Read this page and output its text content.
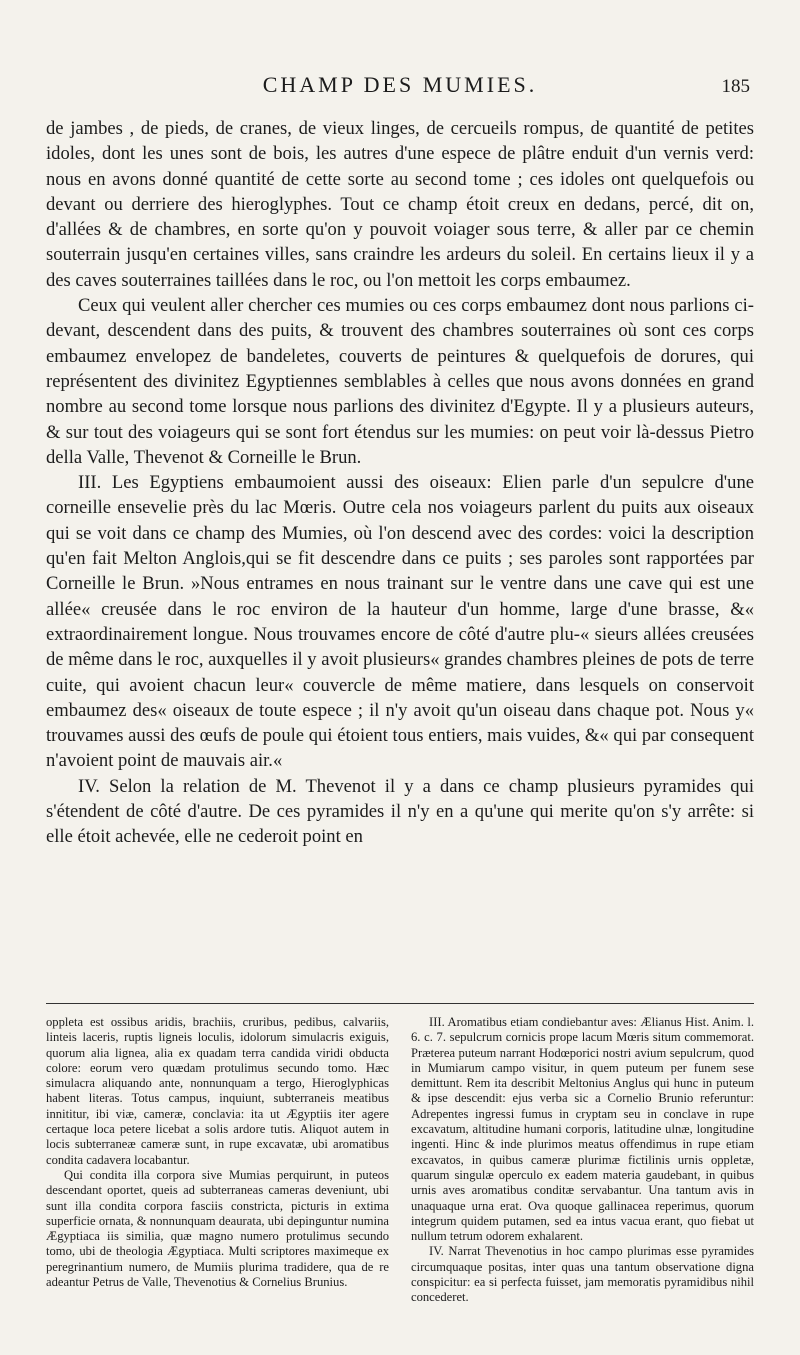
CHAMP DES MUMIES.	185

de jambes , de pieds, de cranes, de vieux linges, de cercueils rompus, de quantité de petites idoles, dont les unes sont de bois, les autres d'une espece de plâtre enduit d'un vernis verd: nous en avons donné quantité de cette sorte au second tome ; ces idoles ont quelquefois ou devant ou derriere des hieroglyphes. Tout ce champ étoit creux en dedans, percé, dit on, d'allées & de chambres, en sorte qu'on y pouvoit voiager sous terre, & aller par ce chemin souterrain jusqu'en certaines villes, sans craindre les ardeurs du soleil. En certains lieux il y a des caves souterraines taillées dans le roc, ou l'on mettoit les corps embaumez.

Ceux qui veulent aller chercher ces mumies ou ces corps embaumez dont nous parlions ci-devant, descendent dans des puits, & trouvent des chambres souterraines où sont ces corps embaumez envelopez de bandeletes, couverts de peintures & quelquefois de dorures, qui représentent des divinitez Egyptiennes semblables à celles que nous avons données en grand nombre au second tome lorsque nous parlions des divinitez d'Egypte. Il y a plusieurs auteurs, & sur tout des voiageurs qui se sont fort étendus sur les mumies: on peut voir là-dessus Pietro della Valle, Thevenot & Corneille le Brun.

III. Les Egyptiens embaumoient aussi des oiseaux: Elien parle d'un sepulcre d'une corneille ensevelie près du lac Mœris. Outre cela nos voiageurs parlent du puits aux oiseaux qui se voit dans ce champ des Mumies, où l'on descend avec des cordes: voici la description qu'en fait Melton Anglois,qui se fit descendre dans ce puits ; ses paroles sont rapportées par Corneille le Brun. »Nous entrames en nous trainant sur le ventre dans une cave qui est une allée« creusée dans le roc environ de la hauteur d'un homme, large d'une brasse, &« extraordinairement longue. Nous trouvames encore de côté d'autre plu-« sieurs allées creusées de même dans le roc, auxquelles il y avoit plusieurs« grandes chambres pleines de pots de terre cuite, qui avoient chacun leur« couvercle de même matiere, dans lesquels on conservoit embaumez des« oiseaux de toute espece ; il n'y avoit qu'un oiseau dans chaque pot. Nous y« trouvames aussi des œufs de poule qui étoient tous entiers, mais vuides, &« qui par consequent n'avoient point de mauvais air.«

IV. Selon la relation de M. Thevenot il y a dans ce champ plusieurs pyramides qui s'étendent de côté d'autre. De ces pyramides il n'y en a qu'une qui merite qu'on s'y arrête: si elle étoit achevée, elle ne cederoit point en

oppleta est ossibus aridis, brachiis, cruribus, pedibus, calvariis, linteis laceris, ruptis ligneis loculis, idolorum simulacris exiguis, quorum alia lignea, alia ex quadam terra candida viridi obducta colore: eorum vero quædam protulimus secundo tomo. Hæc simulacra aliquando ante, nonnunquam a tergo, Hieroglyphicas habent literas. Totus campus, inquiunt, subterraneis meatibus innititur, ibi viæ, cameræ, conclavia: ita ut Ægyptiis iter agere certaque loca petere licebat a solis ardore tutis. Aliquot autem in locis subterraneæ cameræ sunt, in rupe excavatæ, ubi aromatibus condita cadavera locabantur.

Qui condita illa corpora sive Mumias perquirunt, in puteos descendant oportet, queis ad subterraneas cameras deveniunt, ubi sunt illa condita corpora fasciis constricta, picturis in extima superficie ornata, & nonnunquam deaurata, ubi depinguntur numina Ægyptiaca iis similia, quæ magno numero protulimus secundo tomo, ubi de theologia Ægyptiaca. Multi scriptores maximeque ex peregrinantium numero, de Mumiis plurima tradidere, qua de re adeantur Petrus de Valle, Thevenotius & Cornelius Brunius.

III. Aromatibus etiam condiebantur aves: Ælianus Hist. Anim. l. 6. c. 7. sepulcrum cornicis prope lacum Mœris situm commemorat. Præterea puteum narrant Hodœporici nostri avium sepulcrum, quod in Mumiarum campo visitur, in quem puteum per funem sese demittunt. Rem ita describit Meltonius Anglus qui hunc in puteum & ipse descendit: ejus verba sic a Cornelio Brunio referuntur: Adrepentes ingressi fumus in cryptam seu in conclave in rupe excavatum, altitudine humani corporis, latitudine ulnæ, longitudine ingenti. Hinc & inde plurimos meatus offendimus in rupe etiam excavatos, in quibus cameræ plurimæ fictilinis urnis oppletæ, quarum singulæ operculo ex eadem materia gaudebant, in quibus urnis aves aromatibus conditæ servabantur. Una tantum avis in unaquaque urna erat. Ova quoque gallinacea reperimus, quorum integrum quidem putamen, sed ea intus vacua erant, quo fiebat ut nullum tetrum odorem exhalarent.

IV. Narrat Thevenotius in hoc campo plurimas esse pyramides circumquaque positas, inter quas una tantum observatione digna conspicitur: ea si perfecta fuisset, jam memoratis pyramidibus nihil concederet.
